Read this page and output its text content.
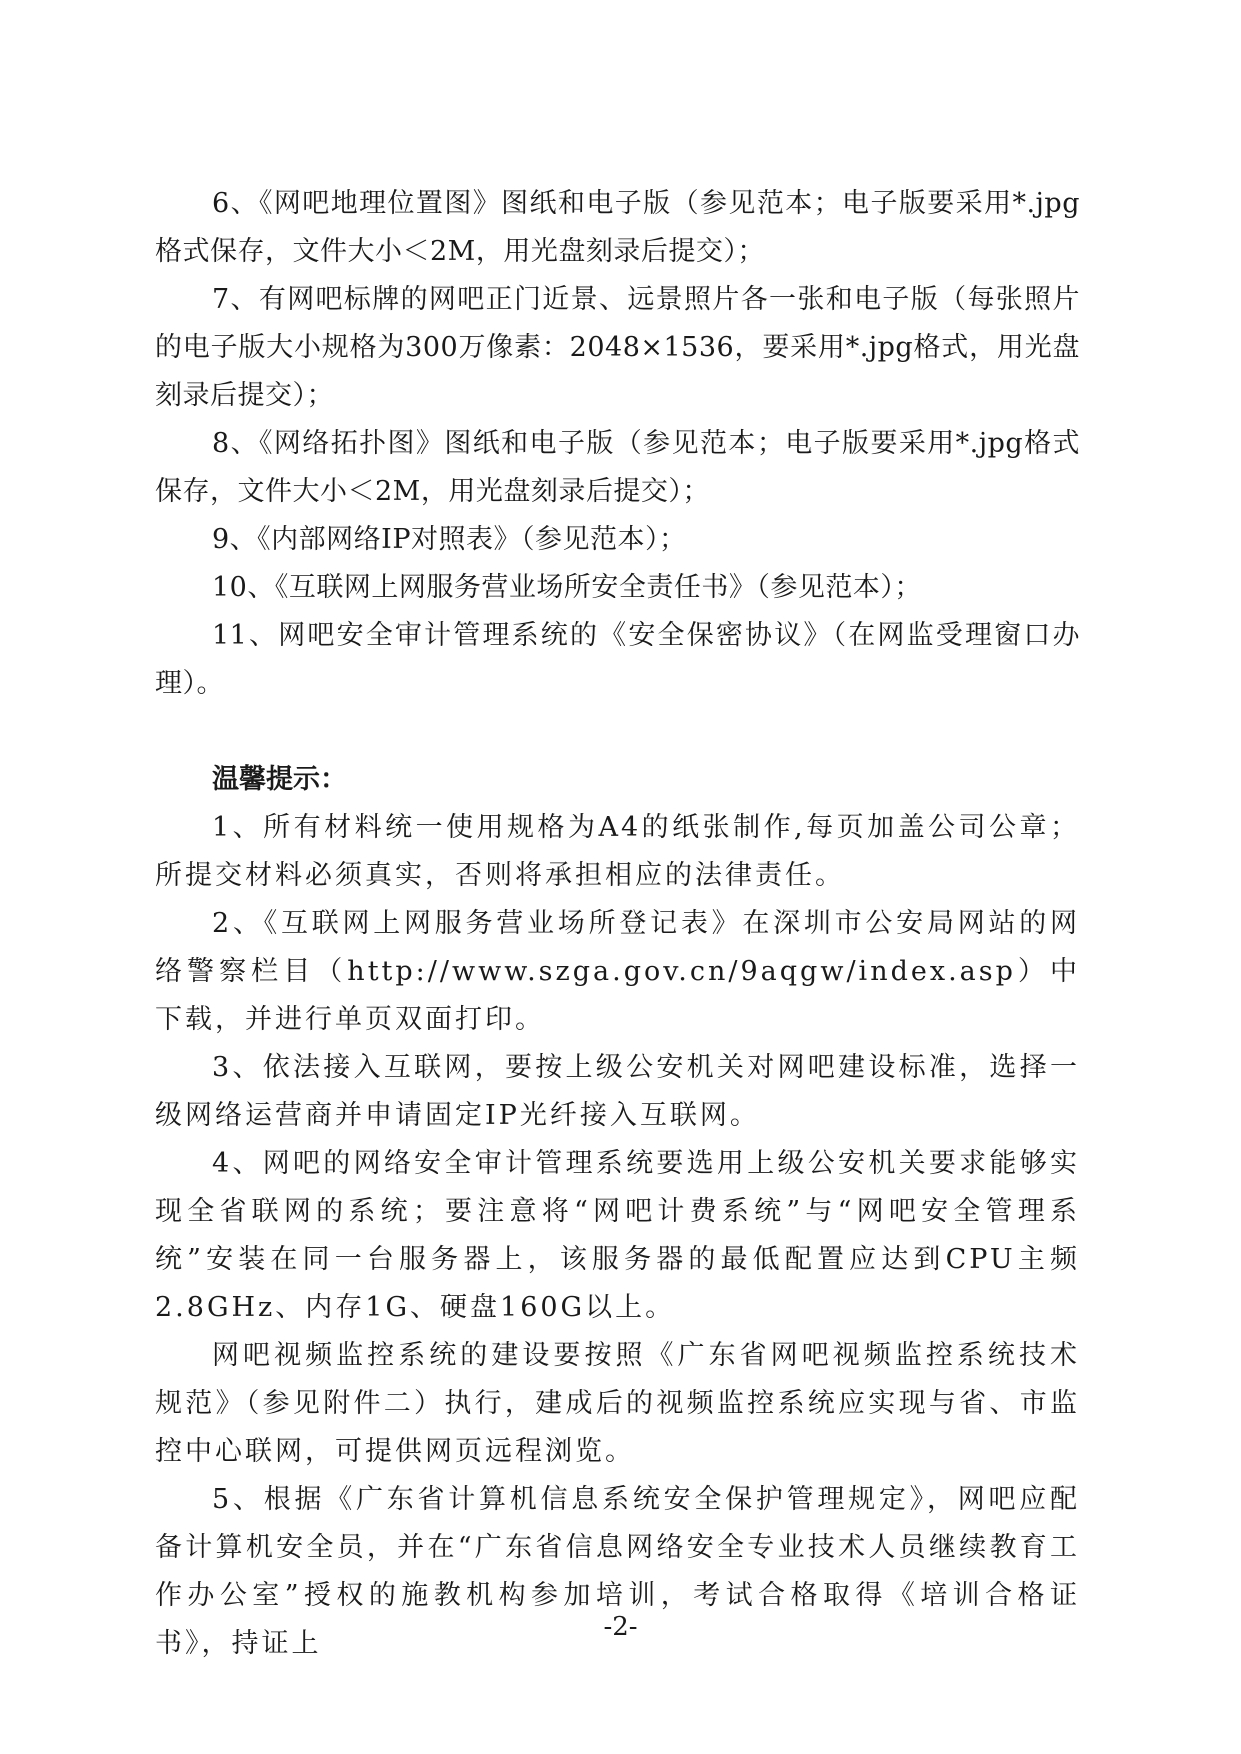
6、《网吧地理位置图》图纸和电子版（参见范本；电子版要采用*.jpg格式保存，文件大小＜2M，用光盘刻录后提交）；

7、有网吧标牌的网吧正门近景、远景照片各一张和电子版（每张照片的电子版大小规格为300万像素：2048×1536，要采用*.jpg格式，用光盘刻录后提交）；

8、《网络拓扑图》图纸和电子版（参见范本；电子版要采用*.jpg格式保存，文件大小＜2M，用光盘刻录后提交）；

9、《内部网络IP对照表》（参见范本）；

10、《互联网上网服务营业场所安全责任书》（参见范本）；

11、网吧安全审计管理系统的《安全保密协议》（在网监受理窗口办理）。

温馨提示：

1、所有材料统一使用规格为A4的纸张制作,每页加盖公司公章；所提交材料必须真实，否则将承担相应的法律责任。

2、《互联网上网服务营业场所登记表》在深圳市公安局网站的网络警察栏目（http://www.szga.gov.cn/9aqgw/index.asp）中下载，并进行单页双面打印。

3、依法接入互联网，要按上级公安机关对网吧建设标准，选择一级网络运营商并申请固定IP光纤接入互联网。

4、网吧的网络安全审计管理系统要选用上级公安机关要求能够实现全省联网的系统；要注意将“网吧计费系统”与“网吧安全管理系统”安装在同一台服务器上，该服务器的最低配置应达到CPU主频2.8GHz、内存1G、硬盘160G以上。

网吧视频监控系统的建设要按照《广东省网吧视频监控系统技术规范》（参见附件二）执行，建成后的视频监控系统应实现与省、市监控中心联网，可提供网页远程浏览。

5、根据《广东省计算机信息系统安全保护管理规定》，网吧应配备计算机安全员，并在“广东省信息网络安全专业技术人员继续教育工作办公室”授权的施教机构参加培训，考试合格取得《培训合格证书》，持证上

-2-
